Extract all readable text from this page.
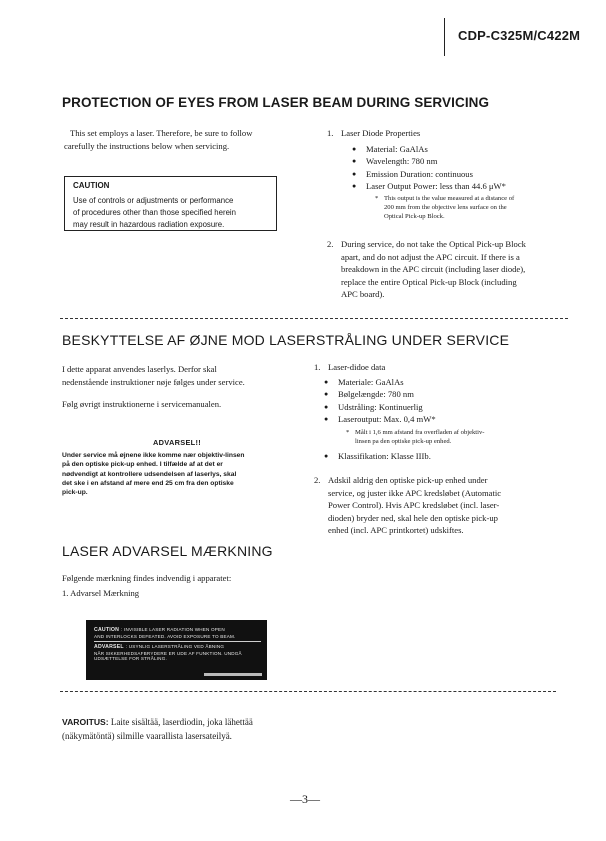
CDP-C325M/C422M
PROTECTION OF EYES FROM LASER BEAM DURING SERVICING
This set employs a laser. Therefore, be sure to follow
carefully the instructions below when servicing.
CAUTION
Use of controls or adjustments or performance
of procedures other than those specified herein
may result in hazardous radiation exposure.
1. Laser Diode Properties
● Material: GaAlAs
● Wavelength: 780 nm
● Emission Duration: continuous
● Laser Output Power: less than 44.6 μW*
* This output is the value measured at a distance of
200 mm from the objective lens surface on the
Optical Pick-up Block.
2. During service, do not take the Optical Pick-up Block
apart, and do not adjust the APC circuit. If there is a
breakdown in the APC circuit (including laser diode),
replace the entire Optical Pick-up Block (including
APC board).
BESKYTTELSE AF ØJNE MOD LASERSTRÅLING UNDER SERVICE
I dette apparat anvendes laserlys. Derfor skal
nedenstående instruktioner nøje følges under service.
Følg øvrigt instruktionerne i servicemanualen.
ADVARSEL!!
Under service må øjnene ikke komme nær objektiv-linsen
på den optiske pick-up enhed. I tilfælde af at det er
nødvendigt at kontrollere udsendelsen af laserlys, skal
det ske i en afstand af mere end 25 cm fra den optiske
pick-up.
1. Laser-didoe data
● Materiale: GaAlAs
● Bølgelængde: 780 nm
● Udstråling: Kontinuerlig
● Laseroutput: Max. 0,4 mW*
* Målt i 1,6 mm afstand fra overfladen af objektiv-
linsen pa den optiske pick-up enhed.
● Klassifikation: Klasse IIIb.
2. Adskil aldrig den optiske pick-up enhed under
service, og juster ikke APC kredsløbet (Automatic
Power Control). Hvis APC kredsløbet (incl. laser-
dioden) bryder ned, skal hele den optiske pick-up
enhed (incl. APC printkortet) udskiftes.
LASER ADVARSEL MÆRKNING
Følgende mærkning findes indvendig i apparatet:
1. Advarsel Mærkning
CAUTION : INVISIBLE LASER RADIATION WHEN OPEN
AND INTERLOCKS DEFEATED. AVOID EXPOSURE TO BEAM.
ADVARSEL : USYNLIG LASERSTRÅLING VED ÅBNING
NÅR SIKKERHEDSAFBRYDERE ER UDE AF FUNKTION. UNDGÅ
UDSÆTTELSE FOR STRÅLING.
VAROITUS: Laite sisältää, laserdiodin, joka lähettää
(näkymätöntä) silmille vaarallista lasersateilyä.
—3—
